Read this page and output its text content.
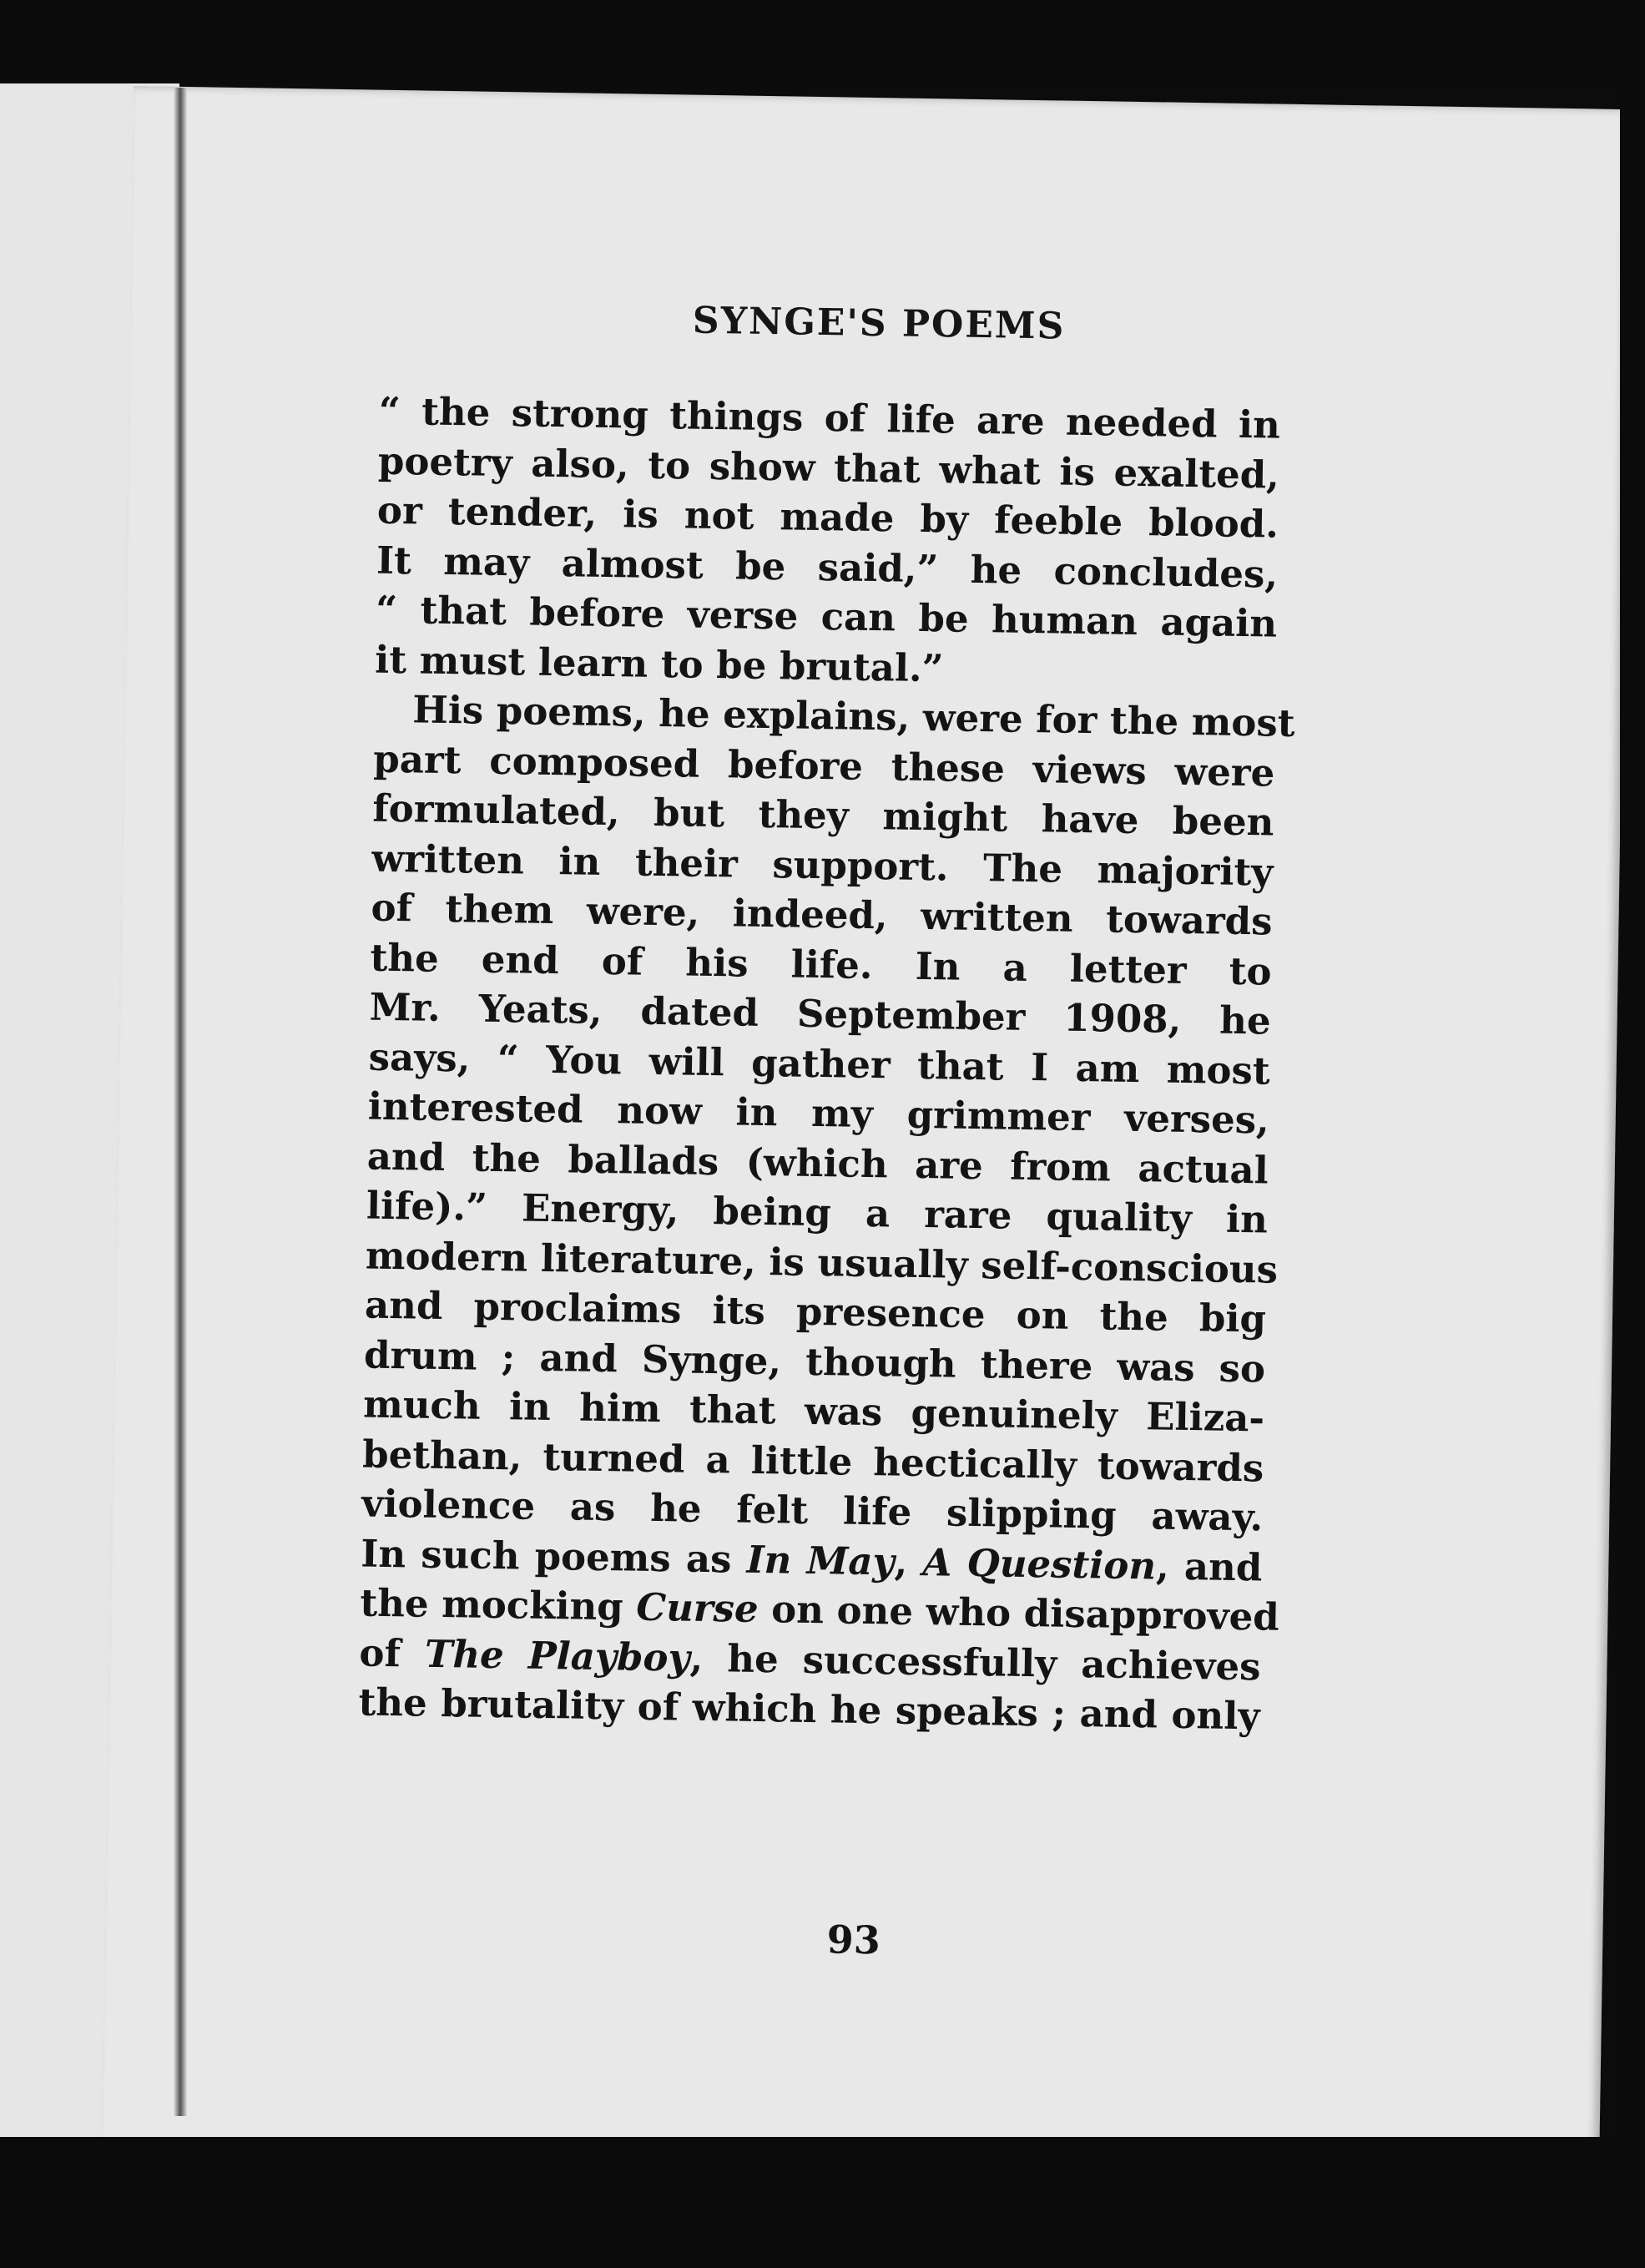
SYNGE'S POEMS
“ the strong things of life are needed in
poetry also, to show that what is exalted,
or tender, is not made by feeble blood.
It may almost be said,” he concludes,
“ that before verse can be human again
it must learn to be brutal.”
His poems, he explains, were for the most
part composed before these views were
formulated, but they might have been
written in their support. The majority
of them were, indeed, written towards
the end of his life. In a letter to
Mr. Yeats, dated September 1908, he
says, “ You will gather that I am most
interested now in my grimmer verses,
and the ballads (which are from actual
life).” Energy, being a rare quality in
modern literature, is usually self-conscious
and proclaims its presence on the big
drum ; and Synge, though there was so
much in him that was genuinely Eliza-
bethan, turned a little hectically towards
violence as he felt life slipping away.
In such poems as In May, A Question, and
the mocking Curse on one who disapproved
of The Playboy, he successfully achieves
the brutality of which he speaks ; and only
93
